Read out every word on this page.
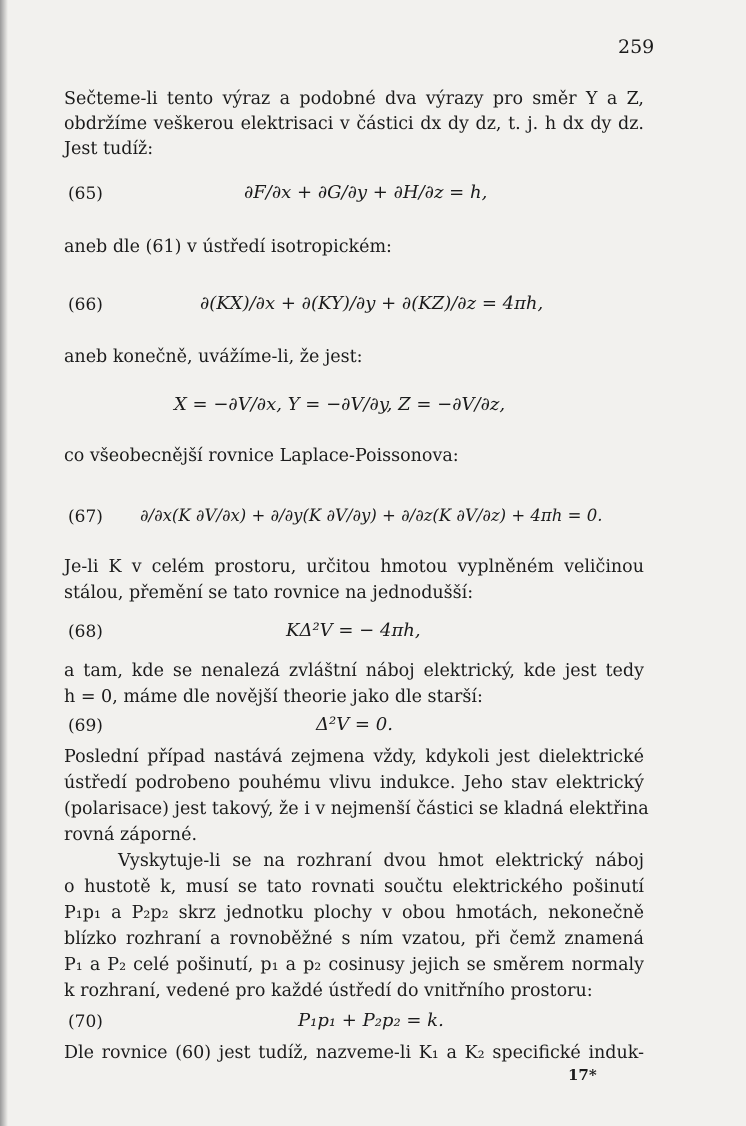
259
Sečteme-li tento výraz a podobné dva výrazy pro směr Y a Z,
obdržíme veškerou elektrisaci v částici dx dy dz, t. j. h dx dy dz.
Jest tudíž:
(65)	∂F/∂x + ∂G/∂y + ∂H/∂z = h,
aneb dle (61) v ústředí isotropickém:
(66)	∂(KX)/∂x + ∂(KY)/∂y + ∂(KZ)/∂z = 4πh,
aneb konečně, uvážíme-li, že jest:
X = −∂V/∂x, Y = −∂V/∂y, Z = −∂V/∂z,
co všeobecnější rovnice Laplace-Poissonova:
(67) ∂/∂x(K ∂V/∂x) + ∂/∂y(K ∂V/∂y) + ∂/∂z(K ∂V/∂z) + 4πh = 0.
Je-li K v celém prostoru, určitou hmotou vyplněném veličinou
stálou, přemění se tato rovnice na jednodušší:
(68)	KΔ²V = − 4πh,
a tam, kde se nenalezá zvláštní náboj elektrický, kde jest tedy
h = 0, máme dle novější theorie jako dle starší:
(69)	Δ²V = 0.
Poslední případ nastává zejmena vždy, kdykoli jest dielektrické
ústředí podrobeno pouhému vlivu indukce. Jeho stav elektrický
(polarisace) jest takový, že i v nejmenší částici se kladná elektřina
rovná záporné.
Vyskytuje-li se na rozhraní dvou hmot elektrický náboj
o hustotě k, musí se tato rovnati součtu elektrického pošinutí
P₁p₁ a P₂p₂ skrz jednotku plochy v obou hmotách, nekonečně
blízko rozhraní a rovnoběžné s ním vzatou, při čemž znamená
P₁ a P₂ celé pošinutí, p₁ a p₂ cosinusy jejich se směrem normaly
k rozhraní, vedené pro každé ústředí do vnitřního prostoru:
(70)	P₁p₁ + P₂p₂ = k.
Dle rovnice (60) jest tudíž, nazveme-li K₁ a K₂ specifické induk-
17*
